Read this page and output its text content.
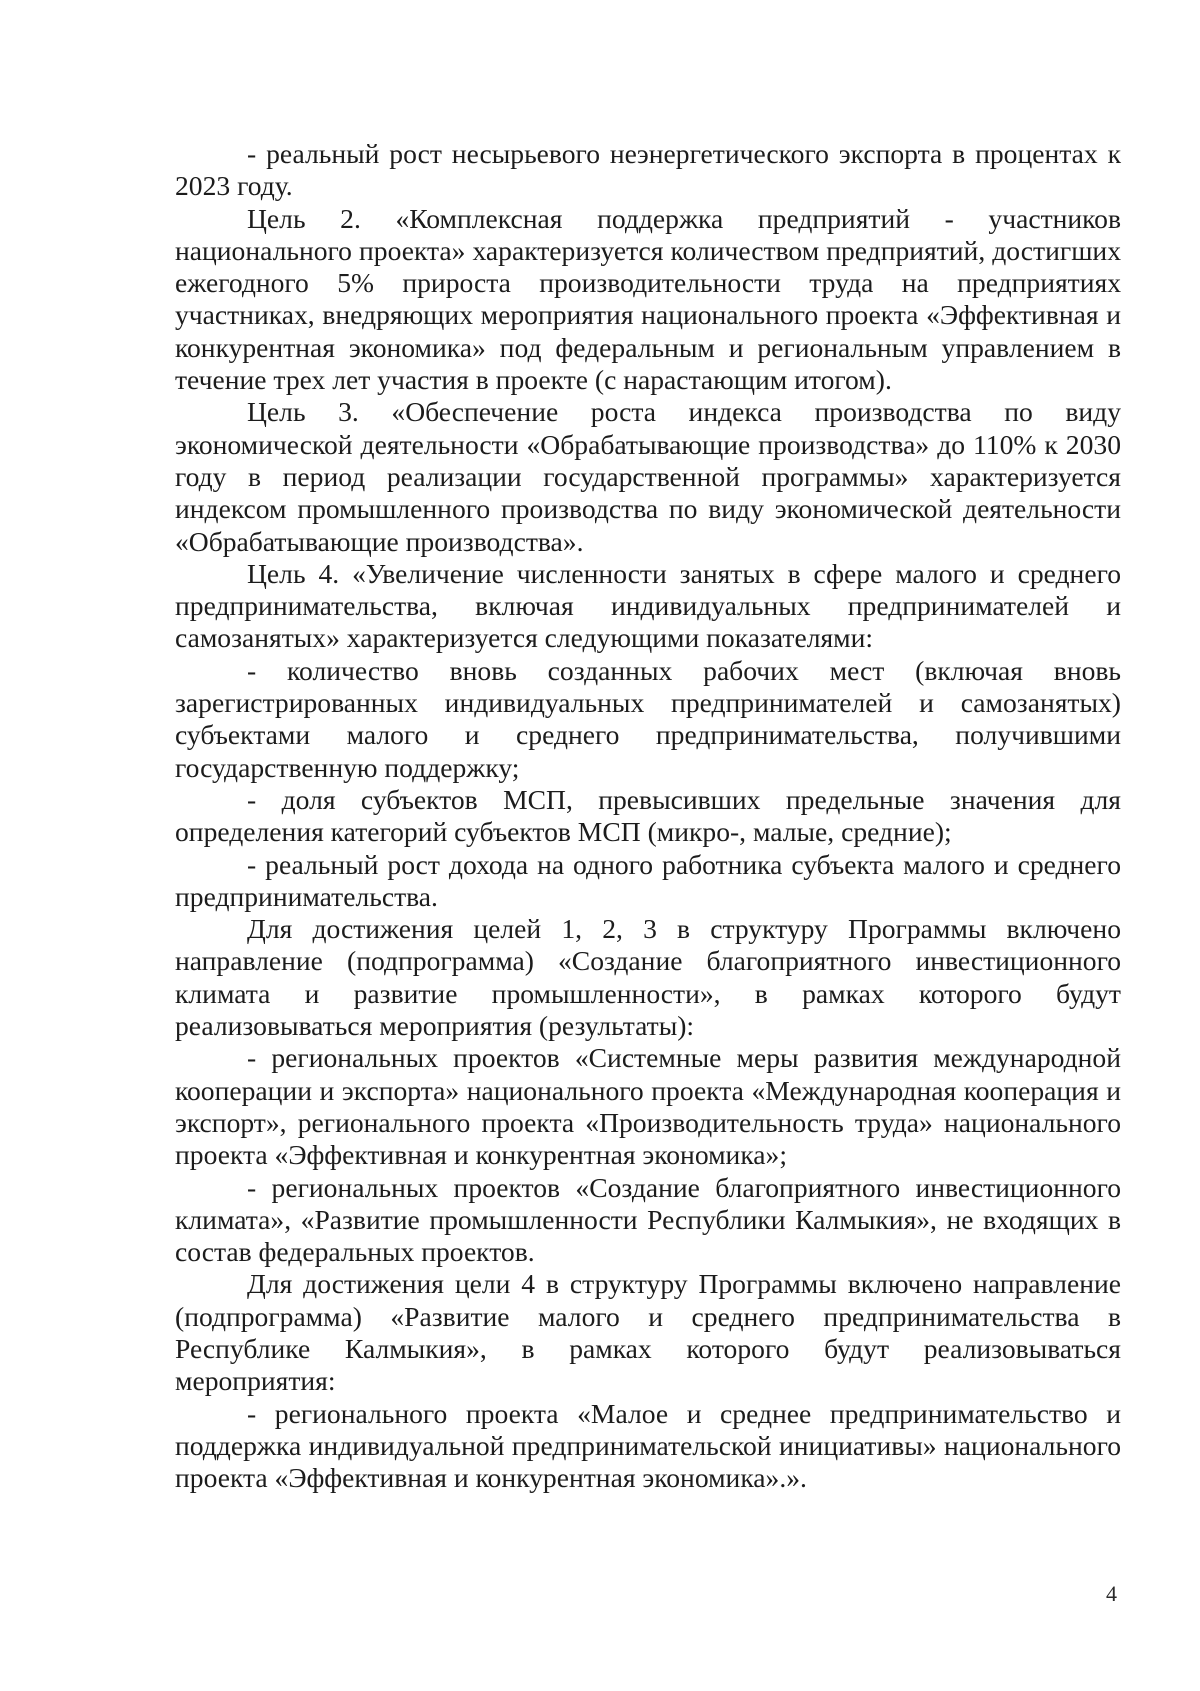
- реальный рост несырьевого неэнергетического экспорта в процентах к 2023 году.

Цель 2. «Комплексная поддержка предприятий - участников национального проекта» характеризуется количеством предприятий, достигших ежегодного 5% прироста производительности труда на предприятиях участниках, внедряющих мероприятия национального проекта «Эффективная и конкурентная экономика» под федеральным и региональным управлением в течение трех лет участия в проекте (с нарастающим итогом).

Цель 3. «Обеспечение роста индекса производства по виду экономической деятельности «Обрабатывающие производства» до 110% к 2030 году в период реализации государственной программы» характеризуется индексом промышленного производства по виду экономической деятельности «Обрабатывающие производства».

Цель 4. «Увеличение численности занятых в сфере малого и среднего предпринимательства, включая индивидуальных предпринимателей и самозанятых» характеризуется следующими показателями:

- количество вновь созданных рабочих мест (включая вновь зарегистрированных индивидуальных предпринимателей и самозанятых) субъектами малого и среднего предпринимательства, получившими государственную поддержку;

- доля субъектов МСП, превысивших предельные значения для определения категорий субъектов МСП (микро-, малые, средние);

- реальный рост дохода на одного работника субъекта малого и среднего предпринимательства.

Для достижения целей 1, 2, 3 в структуру Программы включено направление (подпрограмма) «Создание благоприятного инвестиционного климата и развитие промышленности», в рамках которого будут реализовываться мероприятия (результаты):

- региональных проектов «Системные меры развития международной кооперации и экспорта» национального проекта «Международная кооперация и экспорт», регионального проекта «Производительность труда» национального проекта «Эффективная и конкурентная экономика»;

- региональных проектов «Создание благоприятного инвестиционного климата», «Развитие промышленности Республики Калмыкия», не входящих в состав федеральных проектов.

Для достижения цели 4 в структуру Программы включено направление (подпрограмма) «Развитие малого и среднего предпринимательства в Республике Калмыкия», в рамках которого будут реализовываться мероприятия:

- регионального проекта «Малое и среднее предпринимательство и поддержка индивидуальной предпринимательской инициативы» национального проекта «Эффективная и конкурентная экономика».».

4
